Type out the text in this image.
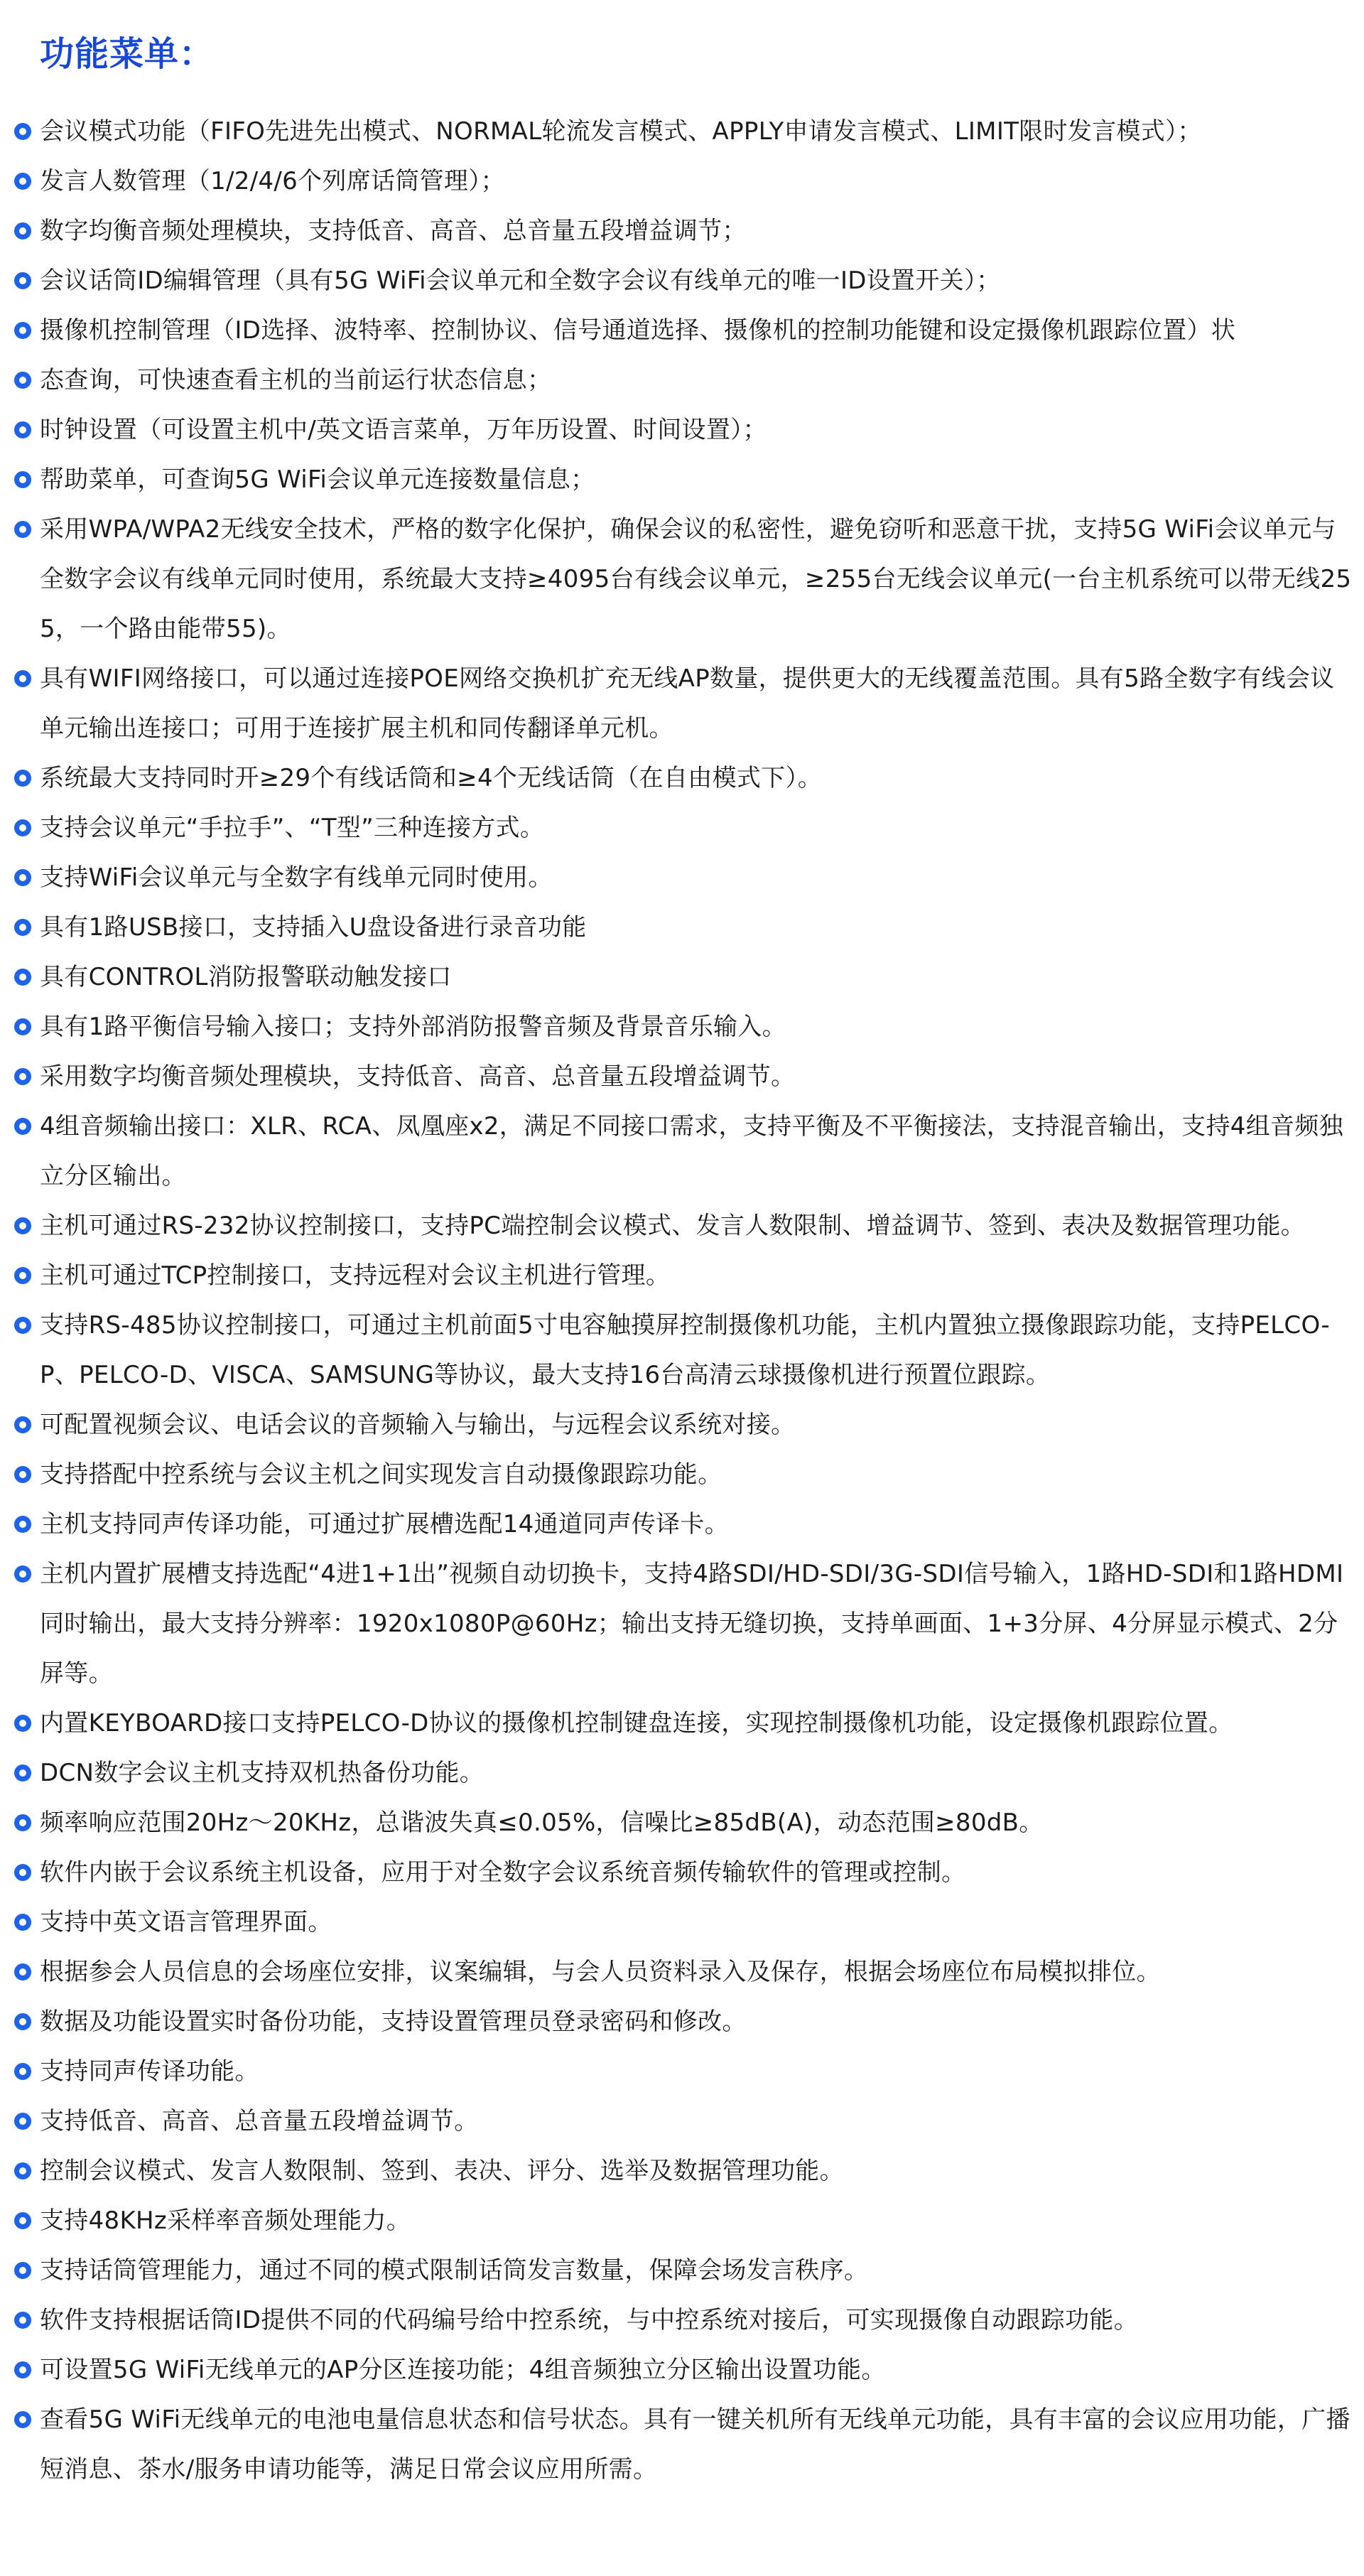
功能菜单：
会议模式功能（FIFO先进先出模式、NORMAL轮流发言模式、APPLY申请发言模式、LIMIT限时发言模式）；
发言人数管理（1/2/4/6个列席话筒管理）；
数字均衡音频处理模块，支持低音、高音、总音量五段增益调节；
会议话筒ID编辑管理（具有5G WiFi会议单元和全数字会议有线单元的唯一ID设置开关）；
摄像机控制管理（ID选择、波特率、控制协议、信号通道选择、摄像机的控制功能键和设定摄像机跟踪位置）状
态查询，可快速查看主机的当前运行状态信息；
时钟设置（可设置主机中/英文语言菜单，万年历设置、时间设置）；
帮助菜单，可查询5G WiFi会议单元连接数量信息；
采用WPA/WPA2无线安全技术，严格的数字化保护，确保会议的私密性，避免窃听和恶意干扰，支持5G WiFi会议单元与全数字会议有线单元同时使用，系统最大支持≥4095台有线会议单元，≥255台无线会议单元(一台主机系统可以带无线255，一个路由能带55)。
具有WIFI网络接口，可以通过连接POE网络交换机扩充无线AP数量，提供更大的无线覆盖范围。具有5路全数字有线会议单元输出连接口；可用于连接扩展主机和同传翻译单元机。
系统最大支持同时开≥29个有线话筒和≥4个无线话筒（在自由模式下）。
支持会议单元“手拉手”、“T型”三种连接方式。
支持WiFi会议单元与全数字有线单元同时使用。
具有1路USB接口，支持插入U盘设备进行录音功能
具有CONTROL消防报警联动触发接口
具有1路平衡信号输入接口；支持外部消防报警音频及背景音乐输入。
采用数字均衡音频处理模块，支持低音、高音、总音量五段增益调节。
4组音频输出接口：XLR、RCA、凤凰座x2，满足不同接口需求，支持平衡及不平衡接法，支持混音输出，支持4组音频独立分区输出。
主机可通过RS-232协议控制接口，支持PC端控制会议模式、发言人数限制、增益调节、签到、表决及数据管理功能。
主机可通过TCP控制接口，支持远程对会议主机进行管理。
支持RS-485协议控制接口，可通过主机前面5寸电容触摸屏控制摄像机功能，主机内置独立摄像跟踪功能，支持PELCO-P、PELCO-D、VISCA、SAMSUNG等协议，最大支持16台高清云球摄像机进行预置位跟踪。
可配置视频会议、电话会议的音频输入与输出，与远程会议系统对接。
支持搭配中控系统与会议主机之间实现发言自动摄像跟踪功能。
主机支持同声传译功能，可通过扩展槽选配14通道同声传译卡。
主机内置扩展槽支持选配“4进1+1出”视频自动切换卡，支持4路SDI/HD-SDI/3G-SDI信号输入，1路HD-SDI和1路HDMI同时输出，最大支持分辨率：1920x1080P@60Hz；输出支持无缝切换，支持单画面、1+3分屏、4分屏显示模式、2分屏等。
内置KEYBOARD接口支持PELCO-D协议的摄像机控制键盘连接，实现控制摄像机功能，设定摄像机跟踪位置。
DCN数字会议主机支持双机热备份功能。
频率响应范围20Hz～20KHz，总谐波失真≤0.05%，信噪比≥85dB(A)，动态范围≥80dB。
软件内嵌于会议系统主机设备，应用于对全数字会议系统音频传输软件的管理或控制。
支持中英文语言管理界面。
根据参会人员信息的会场座位安排，议案编辑，与会人员资料录入及保存，根据会场座位布局模拟排位。
数据及功能设置实时备份功能，支持设置管理员登录密码和修改。
支持同声传译功能。
支持低音、高音、总音量五段增益调节。
控制会议模式、发言人数限制、签到、表决、评分、选举及数据管理功能。
支持48KHz采样率音频处理能力。
支持话筒管理能力，通过不同的模式限制话筒发言数量，保障会场发言秩序。
软件支持根据话筒ID提供不同的代码编号给中控系统，与中控系统对接后，可实现摄像自动跟踪功能。
可设置5G WiFi无线单元的AP分区连接功能；4组音频独立分区输出设置功能。
查看5G WiFi无线单元的电池电量信息状态和信号状态。具有一键关机所有无线单元功能，具有丰富的会议应用功能，广播短消息、茶水/服务申请功能等，满足日常会议应用所需。
